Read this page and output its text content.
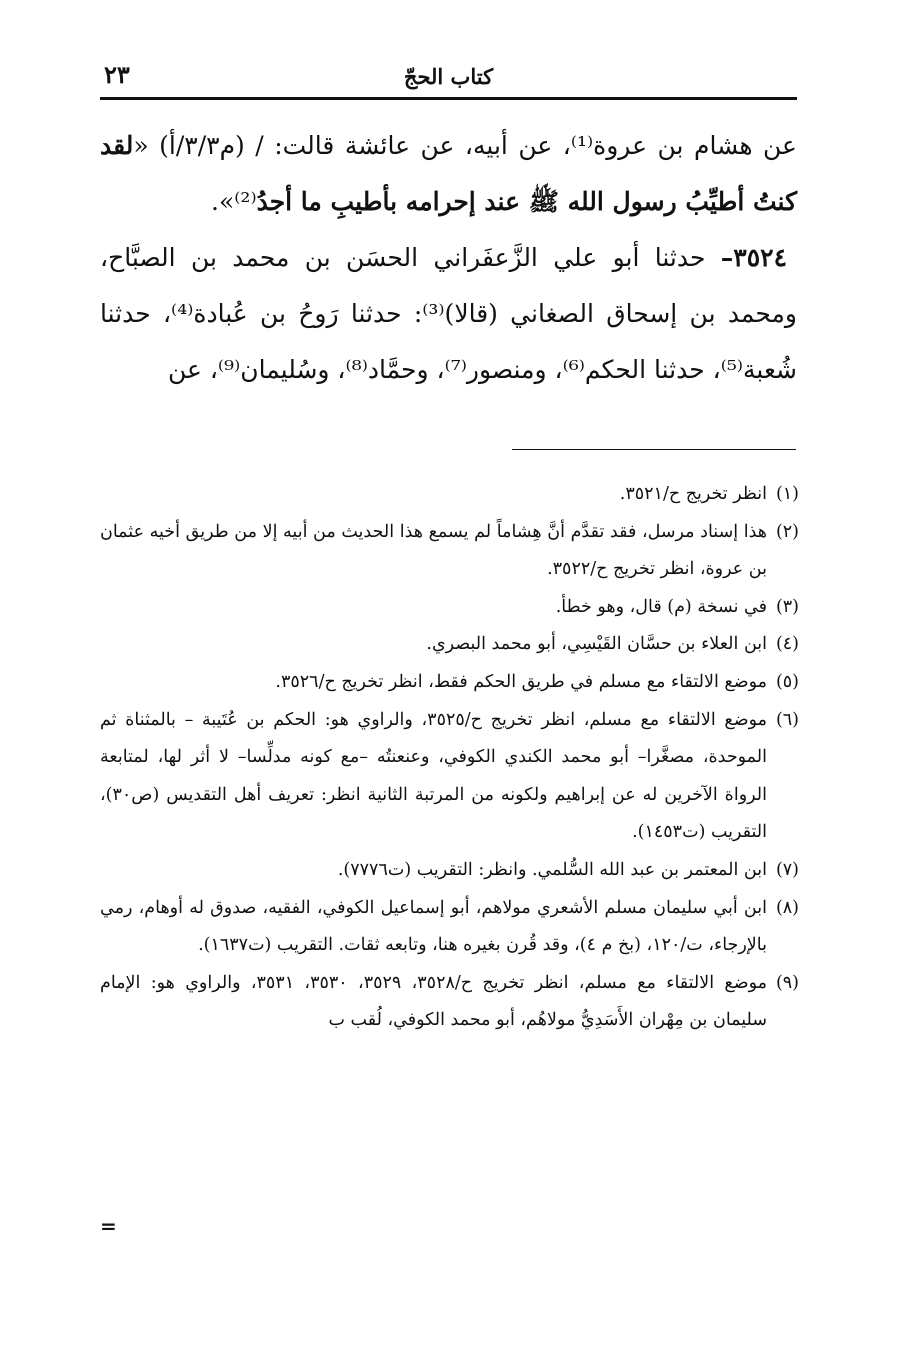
كتاب الحجّ
٢٣

عن هشام بن عروة⁽¹⁾، عن أبيه، عن عائشة قالت: / (م٣/٣/أ) «لقد كنتُ أطيِّبُ رسول الله ﷺ عند إحرامه بأطيبِ ما أجدُ⁽²⁾».

٣٥٢٤– حدثنا أبو علي الزَّعفَراني الحسَن بن محمد بن الصبَّاح، ومحمد بن إسحاق الصغاني (قالا)⁽³⁾: حدثنا رَوحُ بن عُبادة⁽⁴⁾، حدثنا شُعبة⁽⁵⁾، حدثنا الحكم⁽⁶⁾، ومنصور⁽⁷⁾، وحمَّاد⁽⁸⁾، وسُليمان⁽⁹⁾، عن

(١)
انظر تخريج ح/٣٥٢١.

(٢)
هذا إسناد مرسل، فقد تقدَّم أنَّ هِشاماً لم يسمع هذا الحديث من أبيه إلا من طريق أخيه عثمان بن عروة، انظر تخريج ح/٣٥٢٢.

(٣)
في نسخة (م) قال، وهو خطأ.

(٤)
ابن العلاء بن حسَّان القَيْسِي، أبو محمد البصري.

(٥)
موضع الالتقاء مع مسلم في طريق الحكم فقط، انظر تخريج ح/٣٥٢٦.

(٦)
موضع الالتقاء مع مسلم، انظر تخريج ح/٣٥٢٥، والراوي هو: الحكم بن عُتَيبة – بالمثناة ثم الموحدة، مصغَّرا– أبو محمد الكندي الكوفي، وعنعنتُه –مع كونه مدلِّسا– لا أثر لها، لمتابعة الرواة الآخرين له عن إبراهيم ولكونه من المرتبة الثانية انظر: تعريف أهل التقديس (ص٣٠)، التقريب (ت١٤٥٣).

(٧)
ابن المعتمر بن عبد الله السُّلمي. وانظر: التقريب (ت٧٧٧٦).

(٨)
ابن أبي سليمان مسلم الأشعري مولاهم، أبو إسماعيل الكوفي، الفقيه، صدوق له أوهام، رمي بالإرجاء، ت/١٢٠، (بخ م ٤)، وقد قُرن بغيره هنا، وتابعه ثقات. التقريب (ت١٦٣٧).

(٩)
موضع الالتقاء مع مسلم، انظر تخريج ح/٣٥٢٨، ٣٥٢٩، ٣٥٣٠، ٣٥٣١، والراوي هو: الإمام سليمان بن مِهْران الأَسَدِيُّ مولاهُم، أبو محمد الكوفي، لُقب ب

=
